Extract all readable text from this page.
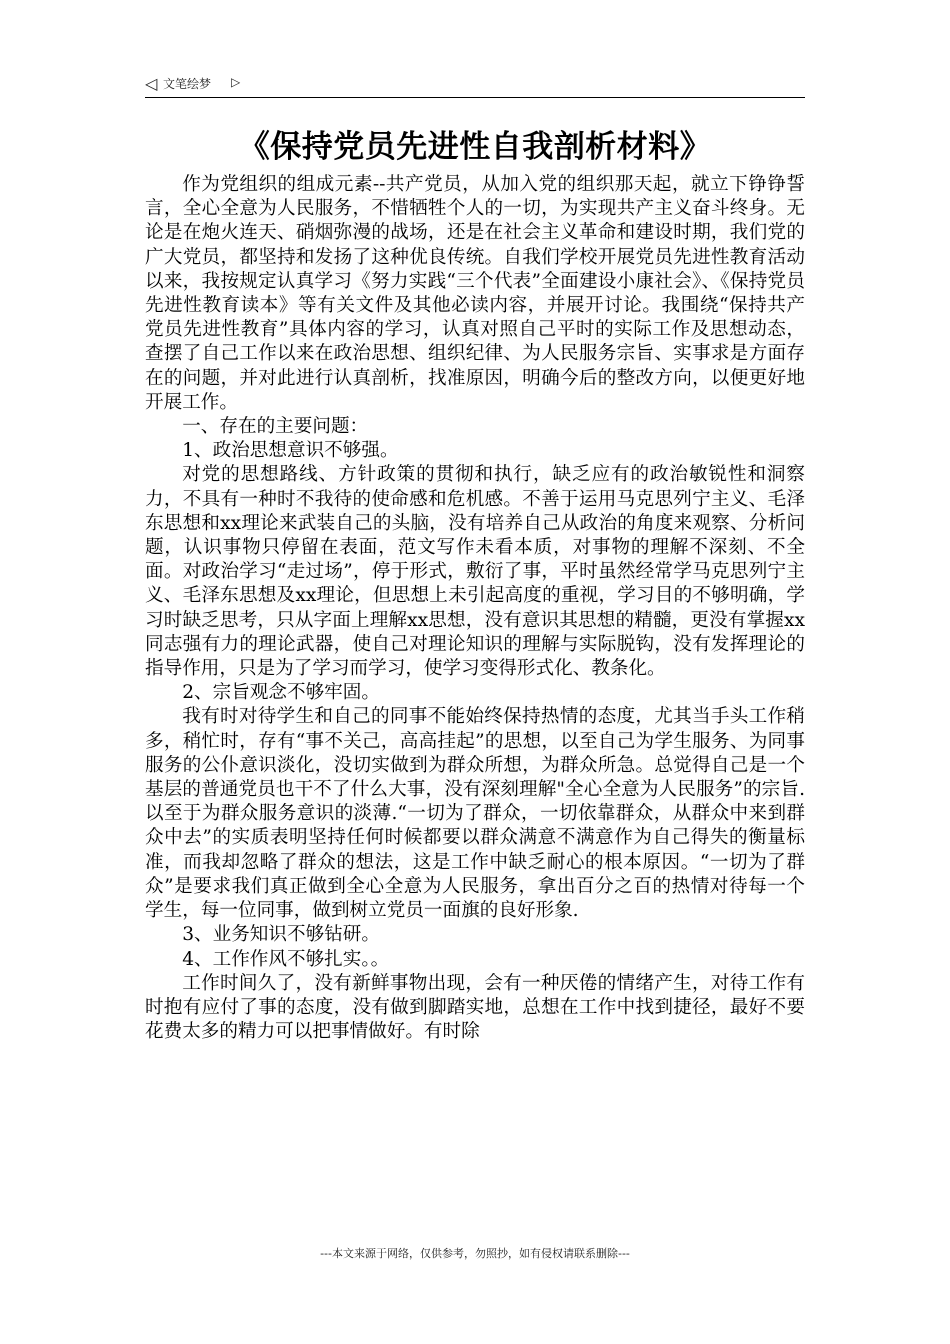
◁ 文笔绘梦 ▷
《保持党员先进性自我剖析材料》

作为党组织的组成元素--共产党员，从加入党的组织那天起，就立下铮铮誓言，全心全意为人民服务，不惜牺牲个人的一切，为实现共产主义奋斗终身。无论是在炮火连天、硝烟弥漫的战场，还是在社会主义革命和建设时期，我们党的广大党员，都坚持和发扬了这种优良传统。自我们学校开展党员先进性教育活动以来，我按规定认真学习《努力实践“三个代表”全面建设小康社会》、《保持党员先进性教育读本》等有关文件及其他必读内容，并展开讨论。我围绕“保持共产党员先进性教育”具体内容的学习，认真对照自己平时的实际工作及思想动态，查摆了自己工作以来在政治思想、组织纪律、为人民服务宗旨、实事求是方面存在的问题，并对此进行认真剖析，找准原因，明确今后的整改方向，以便更好地开展工作。

一、存在的主要问题：

1、政治思想意识不够强。

对党的思想路线、方针政策的贯彻和执行，缺乏应有的政治敏锐性和洞察力，不具有一种时不我待的使命感和危机感。不善于运用马克思列宁主义、毛泽东思想和xx理论来武装自己的头脑，没有培养自己从政治的角度来观察、分析问题，认识事物只停留在表面，范文写作未看本质，对事物的理解不深刻、不全面。对政治学习“走过场”，停于形式，敷衍了事，平时虽然经常学马克思列宁主义、毛泽东思想及xx理论，但思想上未引起高度的重视，学习目的不够明确，学习时缺乏思考，只从字面上理解xx思想，没有意识其思想的精髓，更没有掌握xx同志强有力的理论武器，使自己对理论知识的理解与实际脱钩，没有发挥理论的指导作用，只是为了学习而学习，使学习变得形式化、教条化。

2、宗旨观念不够牢固。

我有时对待学生和自己的同事不能始终保持热情的态度，尤其当手头工作稍多，稍忙时，存有“事不关己，高高挂起”的思想，以至自己为学生服务、为同事服务的公仆意识淡化，没切实做到为群众所想，为群众所急。总觉得自己是一个基层的普通党员也干不了什么大事，没有深刻理解"全心全意为人民服务”的宗旨.以至于为群众服务意识的淡薄.“一切为了群众，一切依靠群众，从群众中来到群众中去”的实质表明坚持任何时候都要以群众满意不满意作为自己得失的衡量标准，而我却忽略了群众的想法，这是工作中缺乏耐心的根本原因。“一切为了群众”是要求我们真正做到全心全意为人民服务，拿出百分之百的热情对待每一个学生，每一位同事，做到树立党员一面旗的良好形象.

3、业务知识不够钻研。

4、工作作风不够扎实。。

工作时间久了，没有新鲜事物出现，会有一种厌倦的情绪产生，对待工作有时抱有应付了事的态度，没有做到脚踏实地，总想在工作中找到捷径，最好不要花费太多的精力可以把事情做好。有时除

---本文来源于网络，仅供参考，勿照抄，如有侵权请联系删除---
